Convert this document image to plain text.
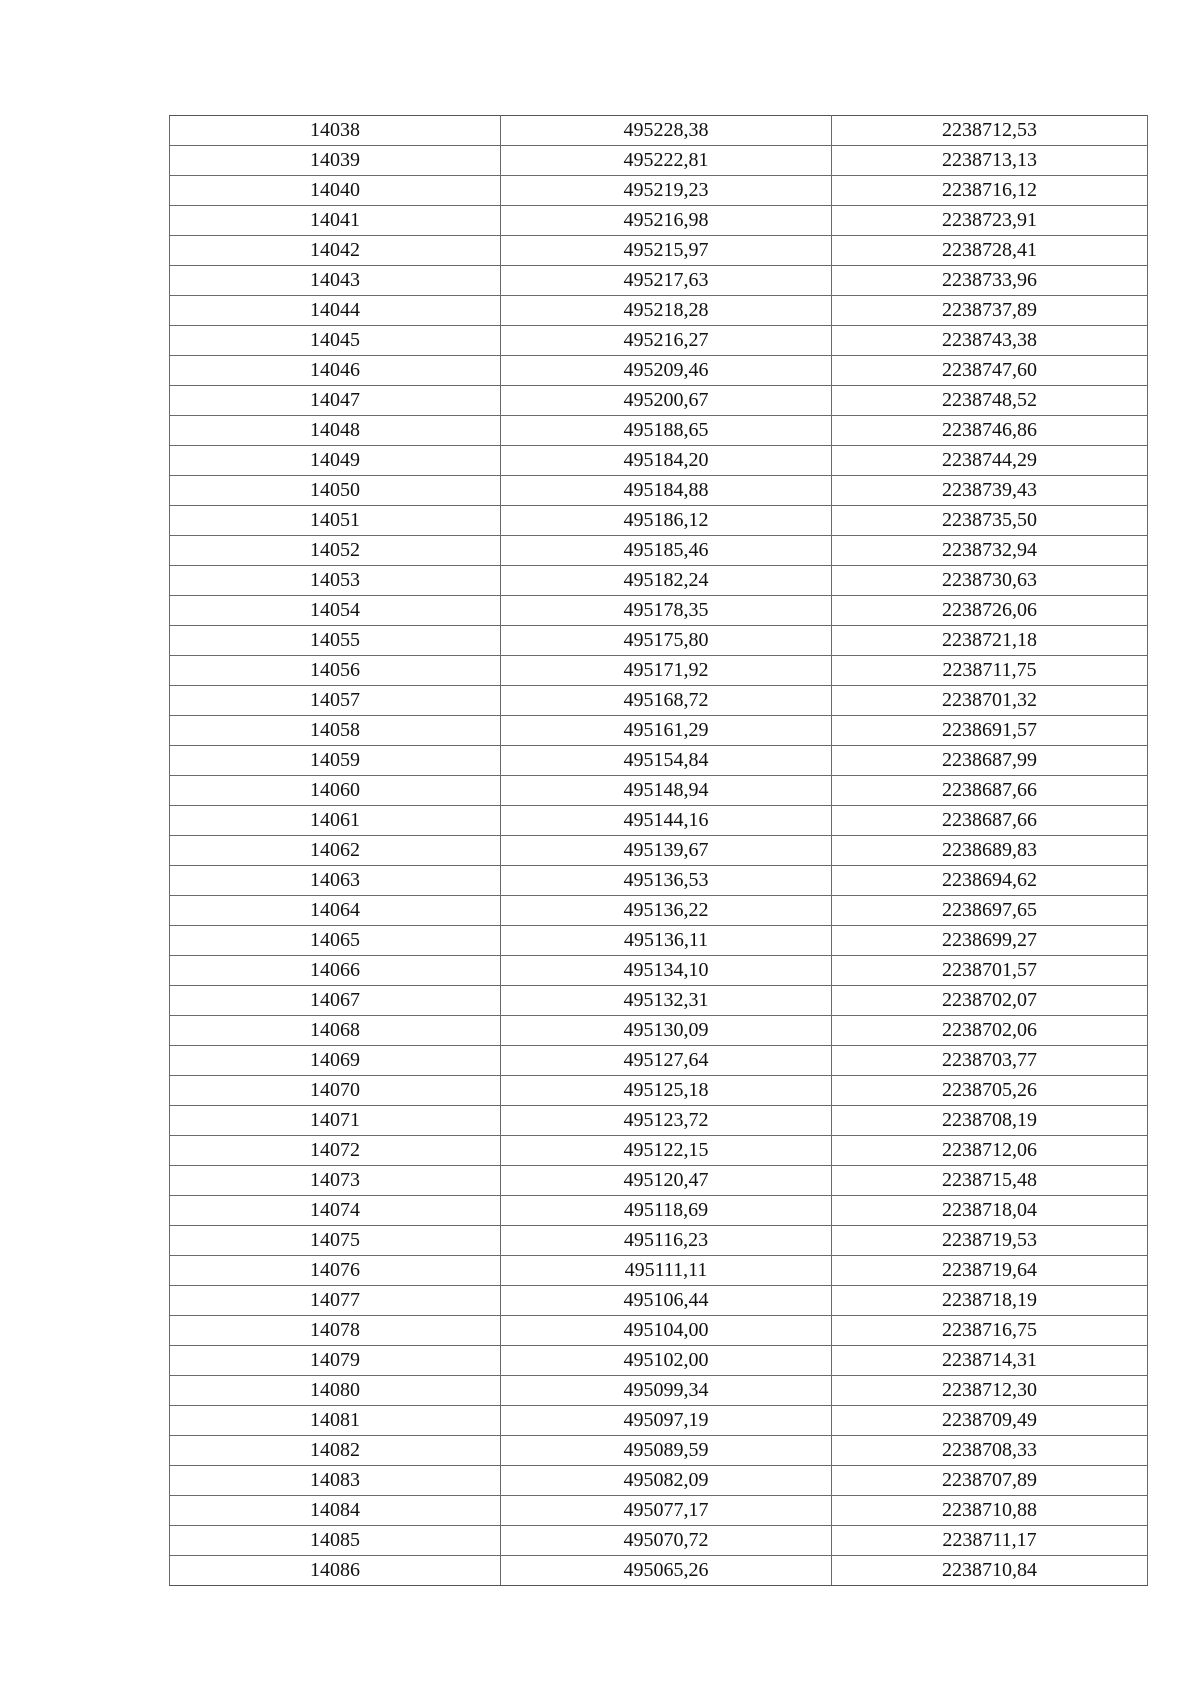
14038	495228,38	2238712,53
14039	495222,81	2238713,13
14040	495219,23	2238716,12
14041	495216,98	2238723,91
14042	495215,97	2238728,41
14043	495217,63	2238733,96
14044	495218,28	2238737,89
14045	495216,27	2238743,38
14046	495209,46	2238747,60
14047	495200,67	2238748,52
14048	495188,65	2238746,86
14049	495184,20	2238744,29
14050	495184,88	2238739,43
14051	495186,12	2238735,50
14052	495185,46	2238732,94
14053	495182,24	2238730,63
14054	495178,35	2238726,06
14055	495175,80	2238721,18
14056	495171,92	2238711,75
14057	495168,72	2238701,32
14058	495161,29	2238691,57
14059	495154,84	2238687,99
14060	495148,94	2238687,66
14061	495144,16	2238687,66
14062	495139,67	2238689,83
14063	495136,53	2238694,62
14064	495136,22	2238697,65
14065	495136,11	2238699,27
14066	495134,10	2238701,57
14067	495132,31	2238702,07
14068	495130,09	2238702,06
14069	495127,64	2238703,77
14070	495125,18	2238705,26
14071	495123,72	2238708,19
14072	495122,15	2238712,06
14073	495120,47	2238715,48
14074	495118,69	2238718,04
14075	495116,23	2238719,53
14076	495111,11	2238719,64
14077	495106,44	2238718,19
14078	495104,00	2238716,75
14079	495102,00	2238714,31
14080	495099,34	2238712,30
14081	495097,19	2238709,49
14082	495089,59	2238708,33
14083	495082,09	2238707,89
14084	495077,17	2238710,88
14085	495070,72	2238711,17
14086	495065,26	2238710,84
